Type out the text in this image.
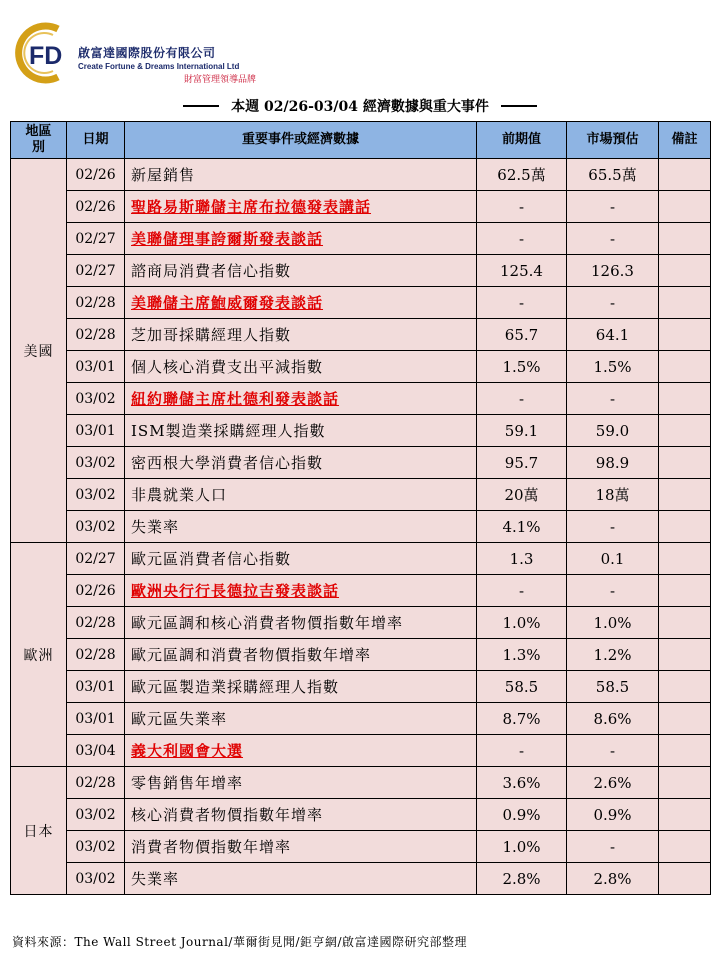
FD 啟富達國際股份有限公司
Create Fortune & Dreams International Ltd
財富管理領導品牌
本週 02/26-03/04 經濟數據與重大事件
地區別	日期	重要事件或經濟數據	前期值	市場預估	備註
美國	02/26	新屋銷售	62.5萬	65.5萬	
	02/26	聖路易斯聯儲主席布拉德發表講話	-	-	
	02/27	美聯儲理事誇爾斯發表談話	-	-	
	02/27	諮商局消費者信心指數	125.4	126.3	
	02/28	美聯儲主席鮑威爾發表談話	-	-	
	02/28	芝加哥採購經理人指數	65.7	64.1	
	03/01	個人核心消費支出平減指數	1.5%	1.5%	
	03/02	紐約聯儲主席杜德利發表談話	-	-	
	03/01	ISM製造業採購經理人指數	59.1	59.0	
	03/02	密西根大學消費者信心指數	95.7	98.9	
	03/02	非農就業人口	20萬	18萬	
	03/02	失業率	4.1%	-	
歐洲	02/27	歐元區消費者信心指數	1.3	0.1	
	02/26	歐洲央行行長德拉吉發表談話	-	-	
	02/28	歐元區調和核心消費者物價指數年增率	1.0%	1.0%	
	02/28	歐元區調和消費者物價指數年增率	1.3%	1.2%	
	03/01	歐元區製造業採購經理人指數	58.5	58.5	
	03/01	歐元區失業率	8.7%	8.6%	
	03/04	義大利國會大選	-	-	
日本	02/28	零售銷售年增率	3.6%	2.6%	
	03/02	核心消費者物價指數年增率	0.9%	0.9%	
	03/02	消費者物價指數年增率	1.0%	-	
	03/02	失業率	2.8%	2.8%	
資料來源：The Wall Street Journal/華爾街見聞/鉅亨網/啟富達國際研究部整理
